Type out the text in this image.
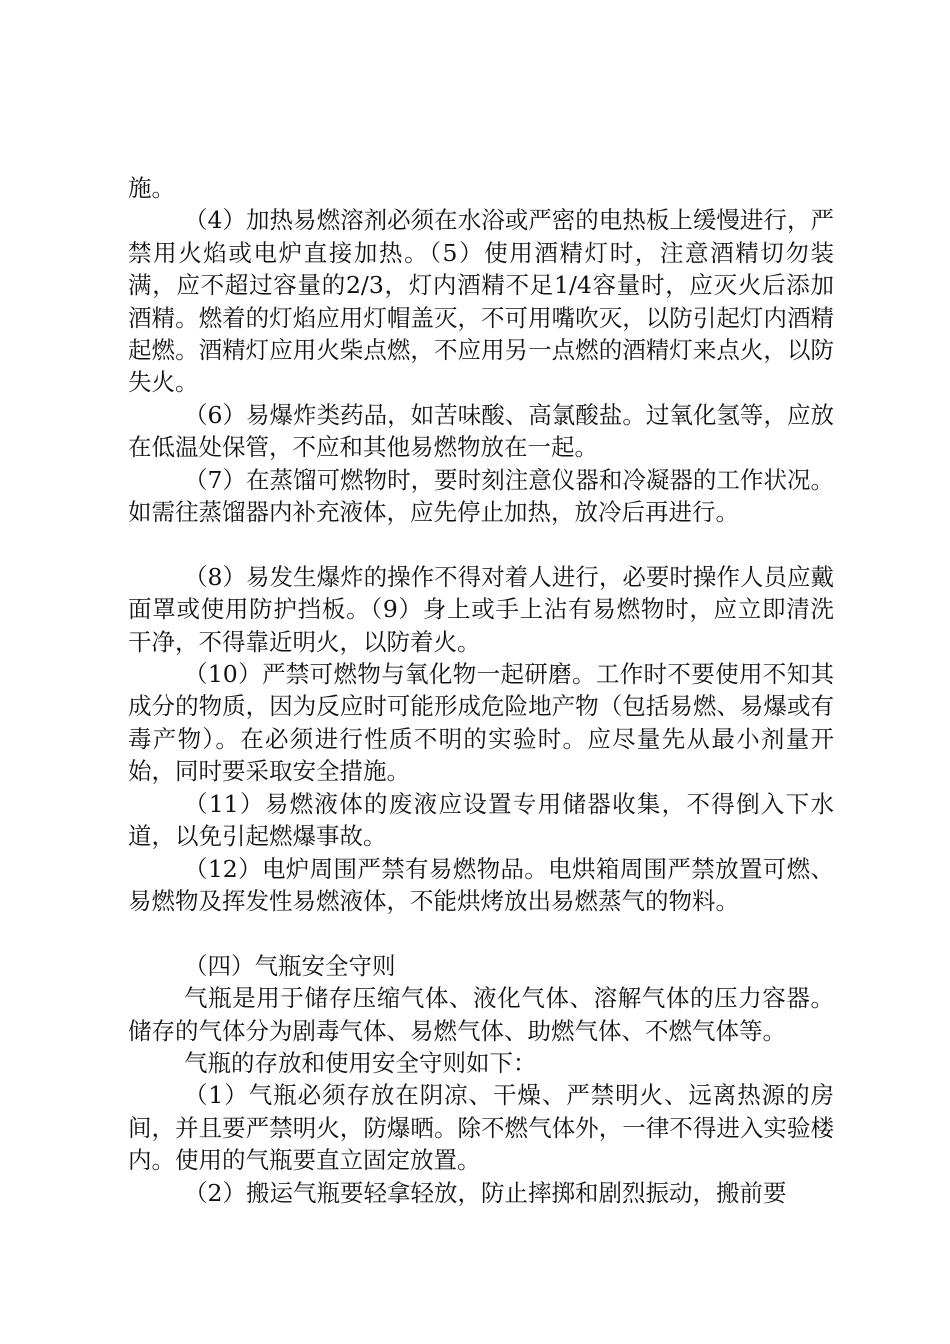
施。

（4）加热易燃溶剂必须在水浴或严密的电热板上缓慢进行，严禁用火焰或电炉直接加热。（5）使用酒精灯时，注意酒精切勿装满，应不超过容量的2/3，灯内酒精不足1/4容量时，应灭火后添加酒精。燃着的灯焰应用灯帽盖灭，不可用嘴吹灭，以防引起灯内酒精起燃。酒精灯应用火柴点燃，不应用另一点燃的酒精灯来点火，以防失火。

（6）易爆炸类药品，如苦味酸、高氯酸盐。过氧化氢等，应放在低温处保管，不应和其他易燃物放在一起。

（7）在蒸馏可燃物时，要时刻注意仪器和冷凝器的工作状况。如需往蒸馏器内补充液体，应先停止加热，放冷后再进行。

（8）易发生爆炸的操作不得对着人进行，必要时操作人员应戴面罩或使用防护挡板。（9）身上或手上沾有易燃物时，应立即清洗干净，不得靠近明火，以防着火。

（10）严禁可燃物与氧化物一起研磨。工作时不要使用不知其成分的物质，因为反应时可能形成危险地产物（包括易燃、易爆或有毒产物）。在必须进行性质不明的实验时。应尽量先从最小剂量开始，同时要采取安全措施。

（11）易燃液体的废液应设置专用储器收集，不得倒入下水道，以免引起燃爆事故。

（12）电炉周围严禁有易燃物品。电烘箱周围严禁放置可燃、易燃物及挥发性易燃液体，不能烘烤放出易燃蒸气的物料。

（四）气瓶安全守则

气瓶是用于储存压缩气体、液化气体、溶解气体的压力容器。储存的气体分为剧毒气体、易燃气体、助燃气体、不燃气体等。

气瓶的存放和使用安全守则如下：

（1）气瓶必须存放在阴凉、干燥、严禁明火、远离热源的房间，并且要严禁明火，防爆晒。除不燃气体外，一律不得进入实验楼内。使用的气瓶要直立固定放置。

（2）搬运气瓶要轻拿轻放，防止摔掷和剧烈振动，搬前要
